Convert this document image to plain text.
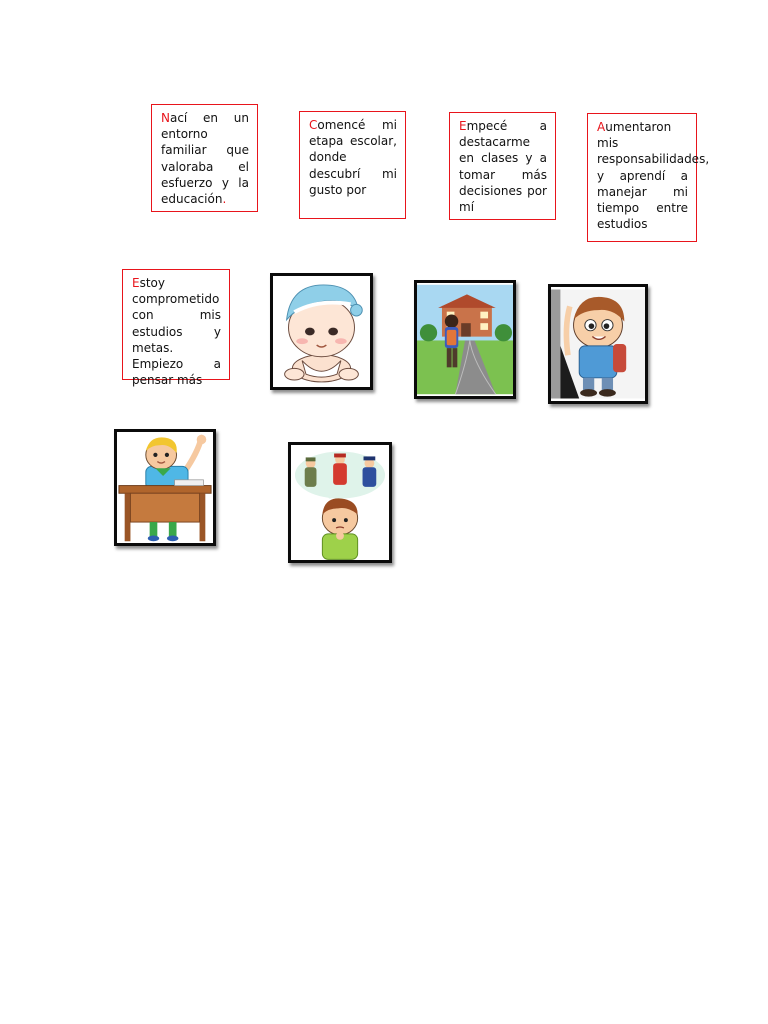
Nací en un entorno familiar que valoraba el esfuerzo y la educación.

Comencé mi etapa escolar, donde descubrí mi gusto por

Empecé a destacarme en clases y a tomar más decisiones por mí

Aumentaron mis responsabilidades, y aprendí a manejar mi tiempo entre estudios

Estoy comprometido con mis estudios y metas. Empiezo a pensar más
